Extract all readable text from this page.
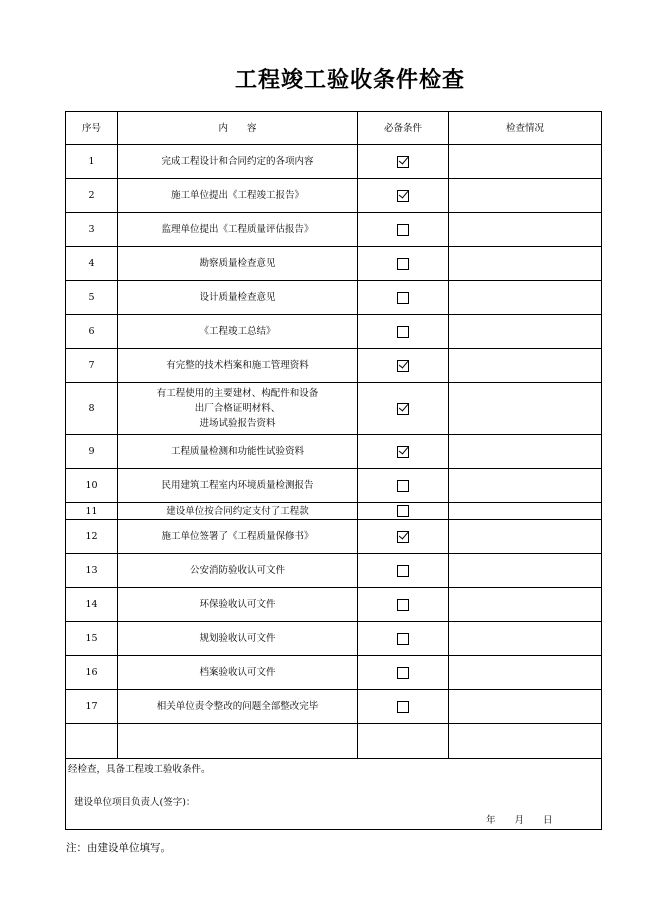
工程竣工验收条件检查
序号	内　　容	必备条件	检查情况
1	完成工程设计和合同约定的各项内容		

2	施工单位提出《工程竣工报告》		

3	监理单位提出《工程质量评估报告》		

4	勘察质量检查意见		

5	设计质量检查意见		

6	《工程竣工总结》		

7	有完整的技术档案和施工管理资料		

8	有工程使用的主要建材、构配件和设备
出厂合格证明材料、
进场试验报告资料		

9	工程质量检测和功能性试验资料		

10	民用建筑工程室内环境质量检测报告		

11	建设单位按合同约定支付了工程款		

12	施工单位签署了《工程质量保修书》		

13	公安消防验收认可文件		

14	环保验收认可文件		

15	规划验收认可文件		

16	档案验收认可文件		

17	相关单位责令整改的问题全部整改完毕		

经检查，具备工程竣工验收条件。
建设单位项目负责人(签字)：
年　　月　　日			
注：由建设单位填写。
